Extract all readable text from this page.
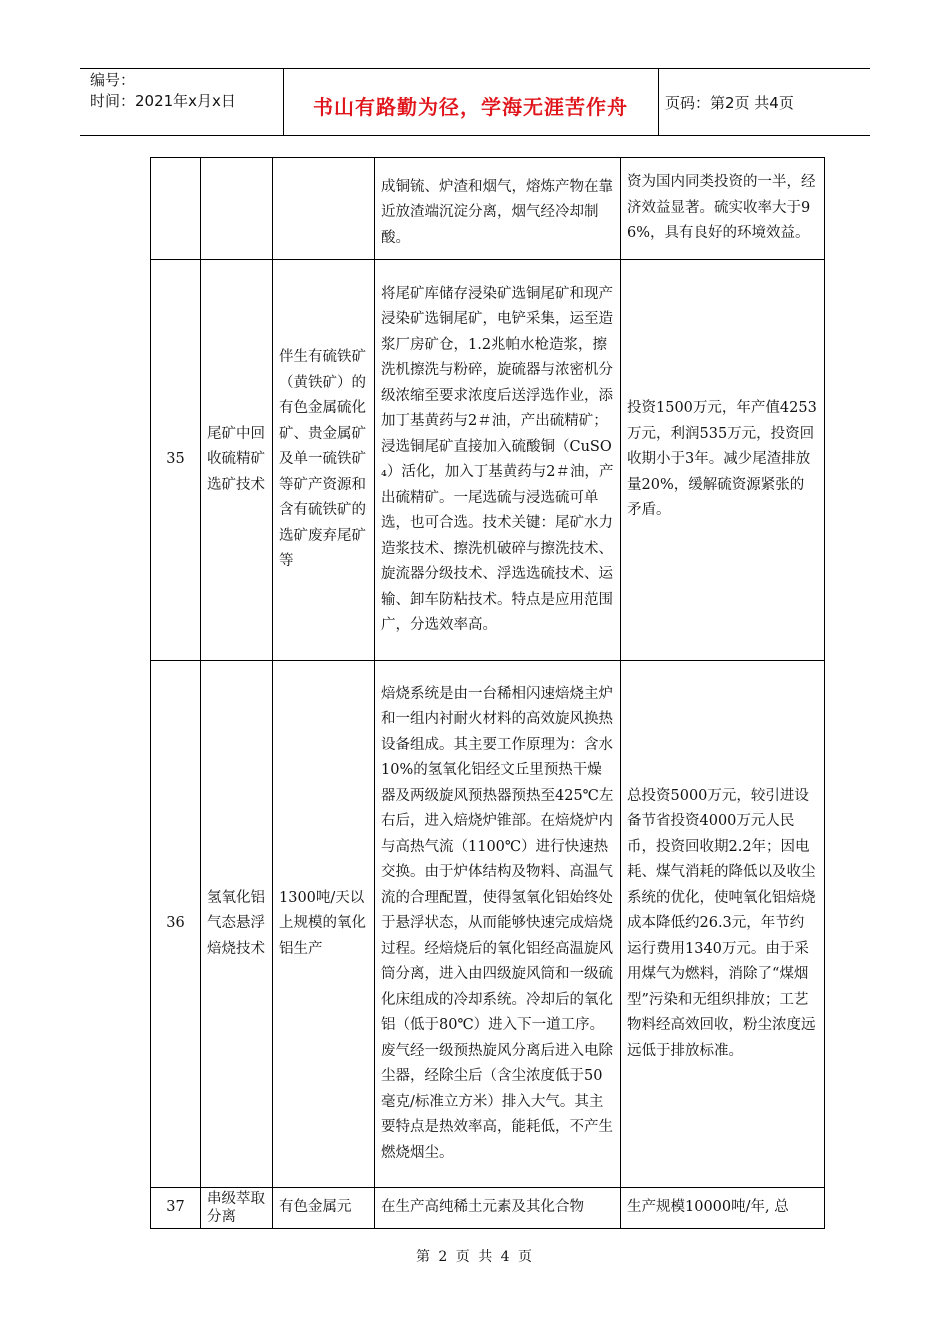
编号：
时间：2021年x月x日	书山有路勤为径，学海无涯苦作舟	页码：第2页 共4页
			成铜锍、炉渣和烟气，熔炼产物在靠近放渣端沉淀分离，烟气经冷却制酸。	资为国内同类投资的一半，经济效益显著。硫实收率大于96%，具有良好的环境效益。
35	尾矿中回收硫精矿选矿技术	伴生有硫铁矿（黄铁矿）的有色金属硫化矿、贵金属矿及单一硫铁矿等矿产资源和含有硫铁矿的选矿废弃尾矿等	将尾矿库储存浸染矿选铜尾矿和现产浸染矿选铜尾矿，电铲采集，运至造浆厂房矿仓，1.2兆帕水枪造浆，擦洗机擦洗与粉碎，旋硫器与浓密机分级浓缩至要求浓度后送浮选作业，添加丁基黄药与2＃油，产出硫精矿；浸选铜尾矿直接加入硫酸铜（CuSO₄）活化，加入丁基黄药与2＃油，产出硫精矿。一尾选硫与浸选硫可单选，也可合选。技术关键：尾矿水力造浆技术、擦洗机破碎与擦洗技术、旋流器分级技术、浮选选硫技术、运输、卸车防粘技术。特点是应用范围广，分选效率高。	投资1500万元，年产值4253万元，利润535万元，投资回收期小于3年。减少尾渣排放量20%，缓解硫资源紧张的矛盾。
36	氢氧化铝气态悬浮焙烧技术	1300吨/天以上规模的氧化铝生产	焙烧系统是由一台稀相闪速焙烧主炉和一组内衬耐火材料的高效旋风换热设备组成。其主要工作原理为：含水10%的氢氧化铝经文丘里预热干燥器及两级旋风预热器预热至425℃左右后，进入焙烧炉锥部。在焙烧炉内与高热气流（1100℃）进行快速热交换。由于炉体结构及物料、高温气流的合理配置，使得氢氧化铝始终处于悬浮状态，从而能够快速完成焙烧过程。经焙烧后的氧化铝经高温旋风筒分离，进入由四级旋风筒和一级硫化床组成的冷却系统。冷却后的氧化铝（低于80℃）进入下一道工序。废气经一级预热旋风分离后进入电除尘器，经除尘后（含尘浓度低于50毫克/标准立方米）排入大气。其主要特点是热效率高，能耗低，不产生燃烧烟尘。	总投资5000万元，较引进设备节省投资4000万元人民币，投资回收期2.2年；因电耗、煤气消耗的降低以及收尘系统的优化，使吨氧化铝焙烧成本降低约26.3元，年节约运行费用1340万元。由于采用煤气为燃料，消除了“煤烟型”污染和无组织排放；工艺物料经高效回收，粉尘浓度远远低于排放标准。
37	串级萃取分离	有色金属元	在生产高纯稀土元素及其化合物	生产规模10000吨/年, 总
第 2 页 共 4 页
